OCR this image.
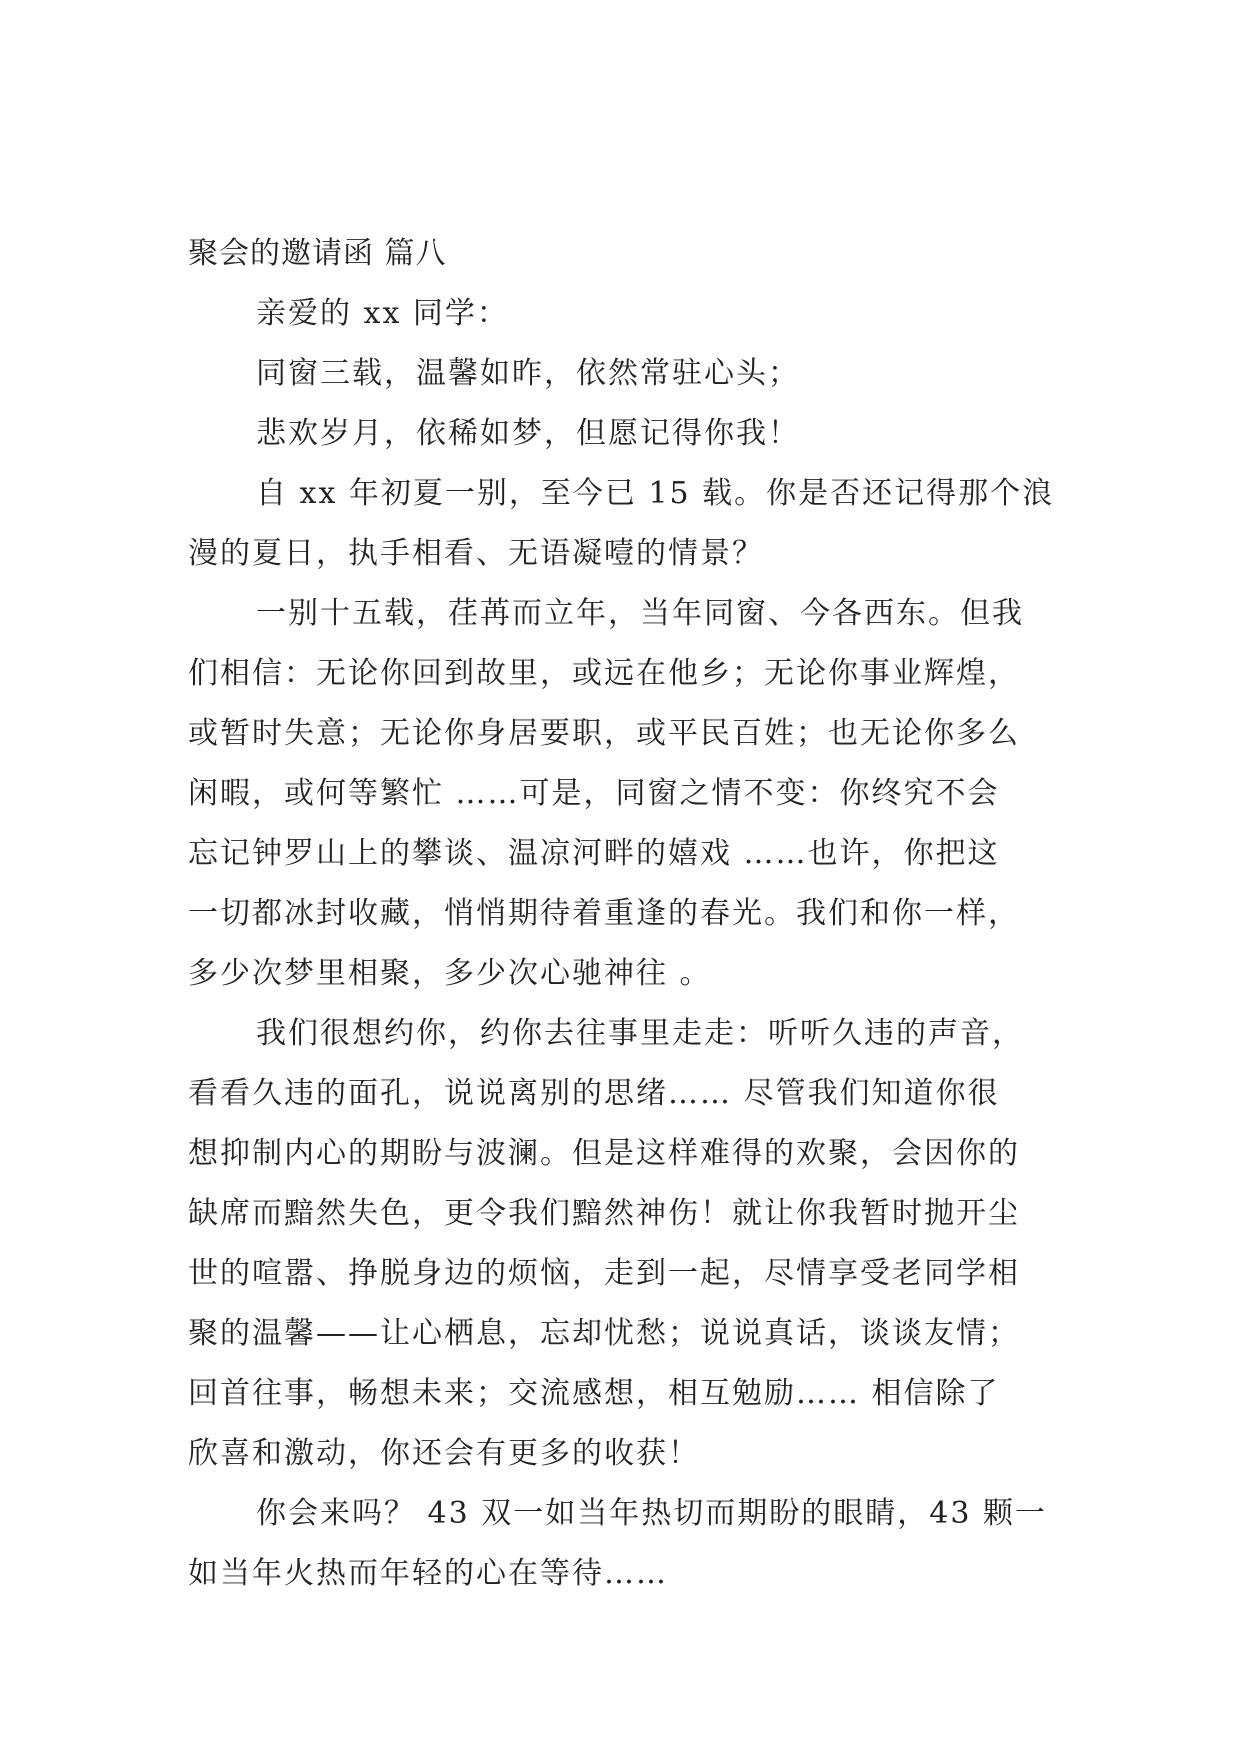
聚会的邀请函 篇八
亲爱的 xx 同学：
同窗三载，温馨如昨，依然常驻心头；
悲欢岁月，依稀如梦，但愿记得你我！
自 xx 年初夏一别，至今已 15 载。你是否还记得那个浪
漫的夏日，执手相看、无语凝噎的情景？
一别十五载，荏苒而立年，当年同窗、今各西东。但我
们相信：无论你回到故里，或远在他乡；无论你事业辉煌，
或暂时失意；无论你身居要职，或平民百姓；也无论你多么
闲暇，或何等繁忙 ……可是，同窗之情不变：你终究不会
忘记钟罗山上的攀谈、温凉河畔的嬉戏 ……也许，你把这
一切都冰封收藏，悄悄期待着重逢的春光。我们和你一样，
多少次梦里相聚，多少次心驰神往 。
我们很想约你，约你去往事里走走：听听久违的声音，
看看久违的面孔，说说离别的思绪…… 尽管我们知道你很
想抑制内心的期盼与波澜。但是这样难得的欢聚，会因你的
缺席而黯然失色，更令我们黯然神伤！就让你我暂时抛开尘
世的喧嚣、挣脱身边的烦恼，走到一起，尽情享受老同学相
聚的温馨——让心栖息，忘却忧愁；说说真话，谈谈友情；
回首往事，畅想未来；交流感想，相互勉励…… 相信除了
欣喜和激动，你还会有更多的收获！
你会来吗？ 43 双一如当年热切而期盼的眼睛，43 颗一
如当年火热而年轻的心在等待……
